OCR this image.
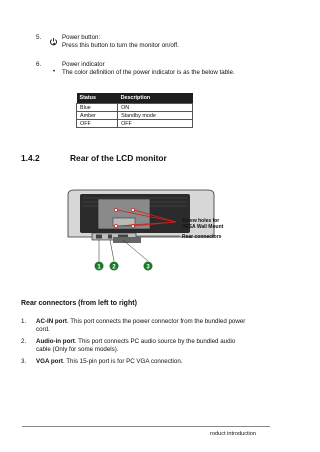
5.	Power button:
• Press this button to turn the monitor on/off.
6.	Power indicator
• The color definition of the power indicator is as the below table.
Status	Description
Blue	ON
Amber	Standby mode
OFF	OFF
1.4.2	Rear of the LCD monitor
1 2	3
Screw holes for
VESA Wall Mount
Rear connectors
Rear connectors (from left to right)
1. AC-IN port. This port connects the power connector from the bundled power
cord.
2. Audio-in port. This port connects PC audio source by the bundled audio
cable (Only for some models).
3. VGA port. This 15-pin port is for PC VGA connection.
roduct introduction
